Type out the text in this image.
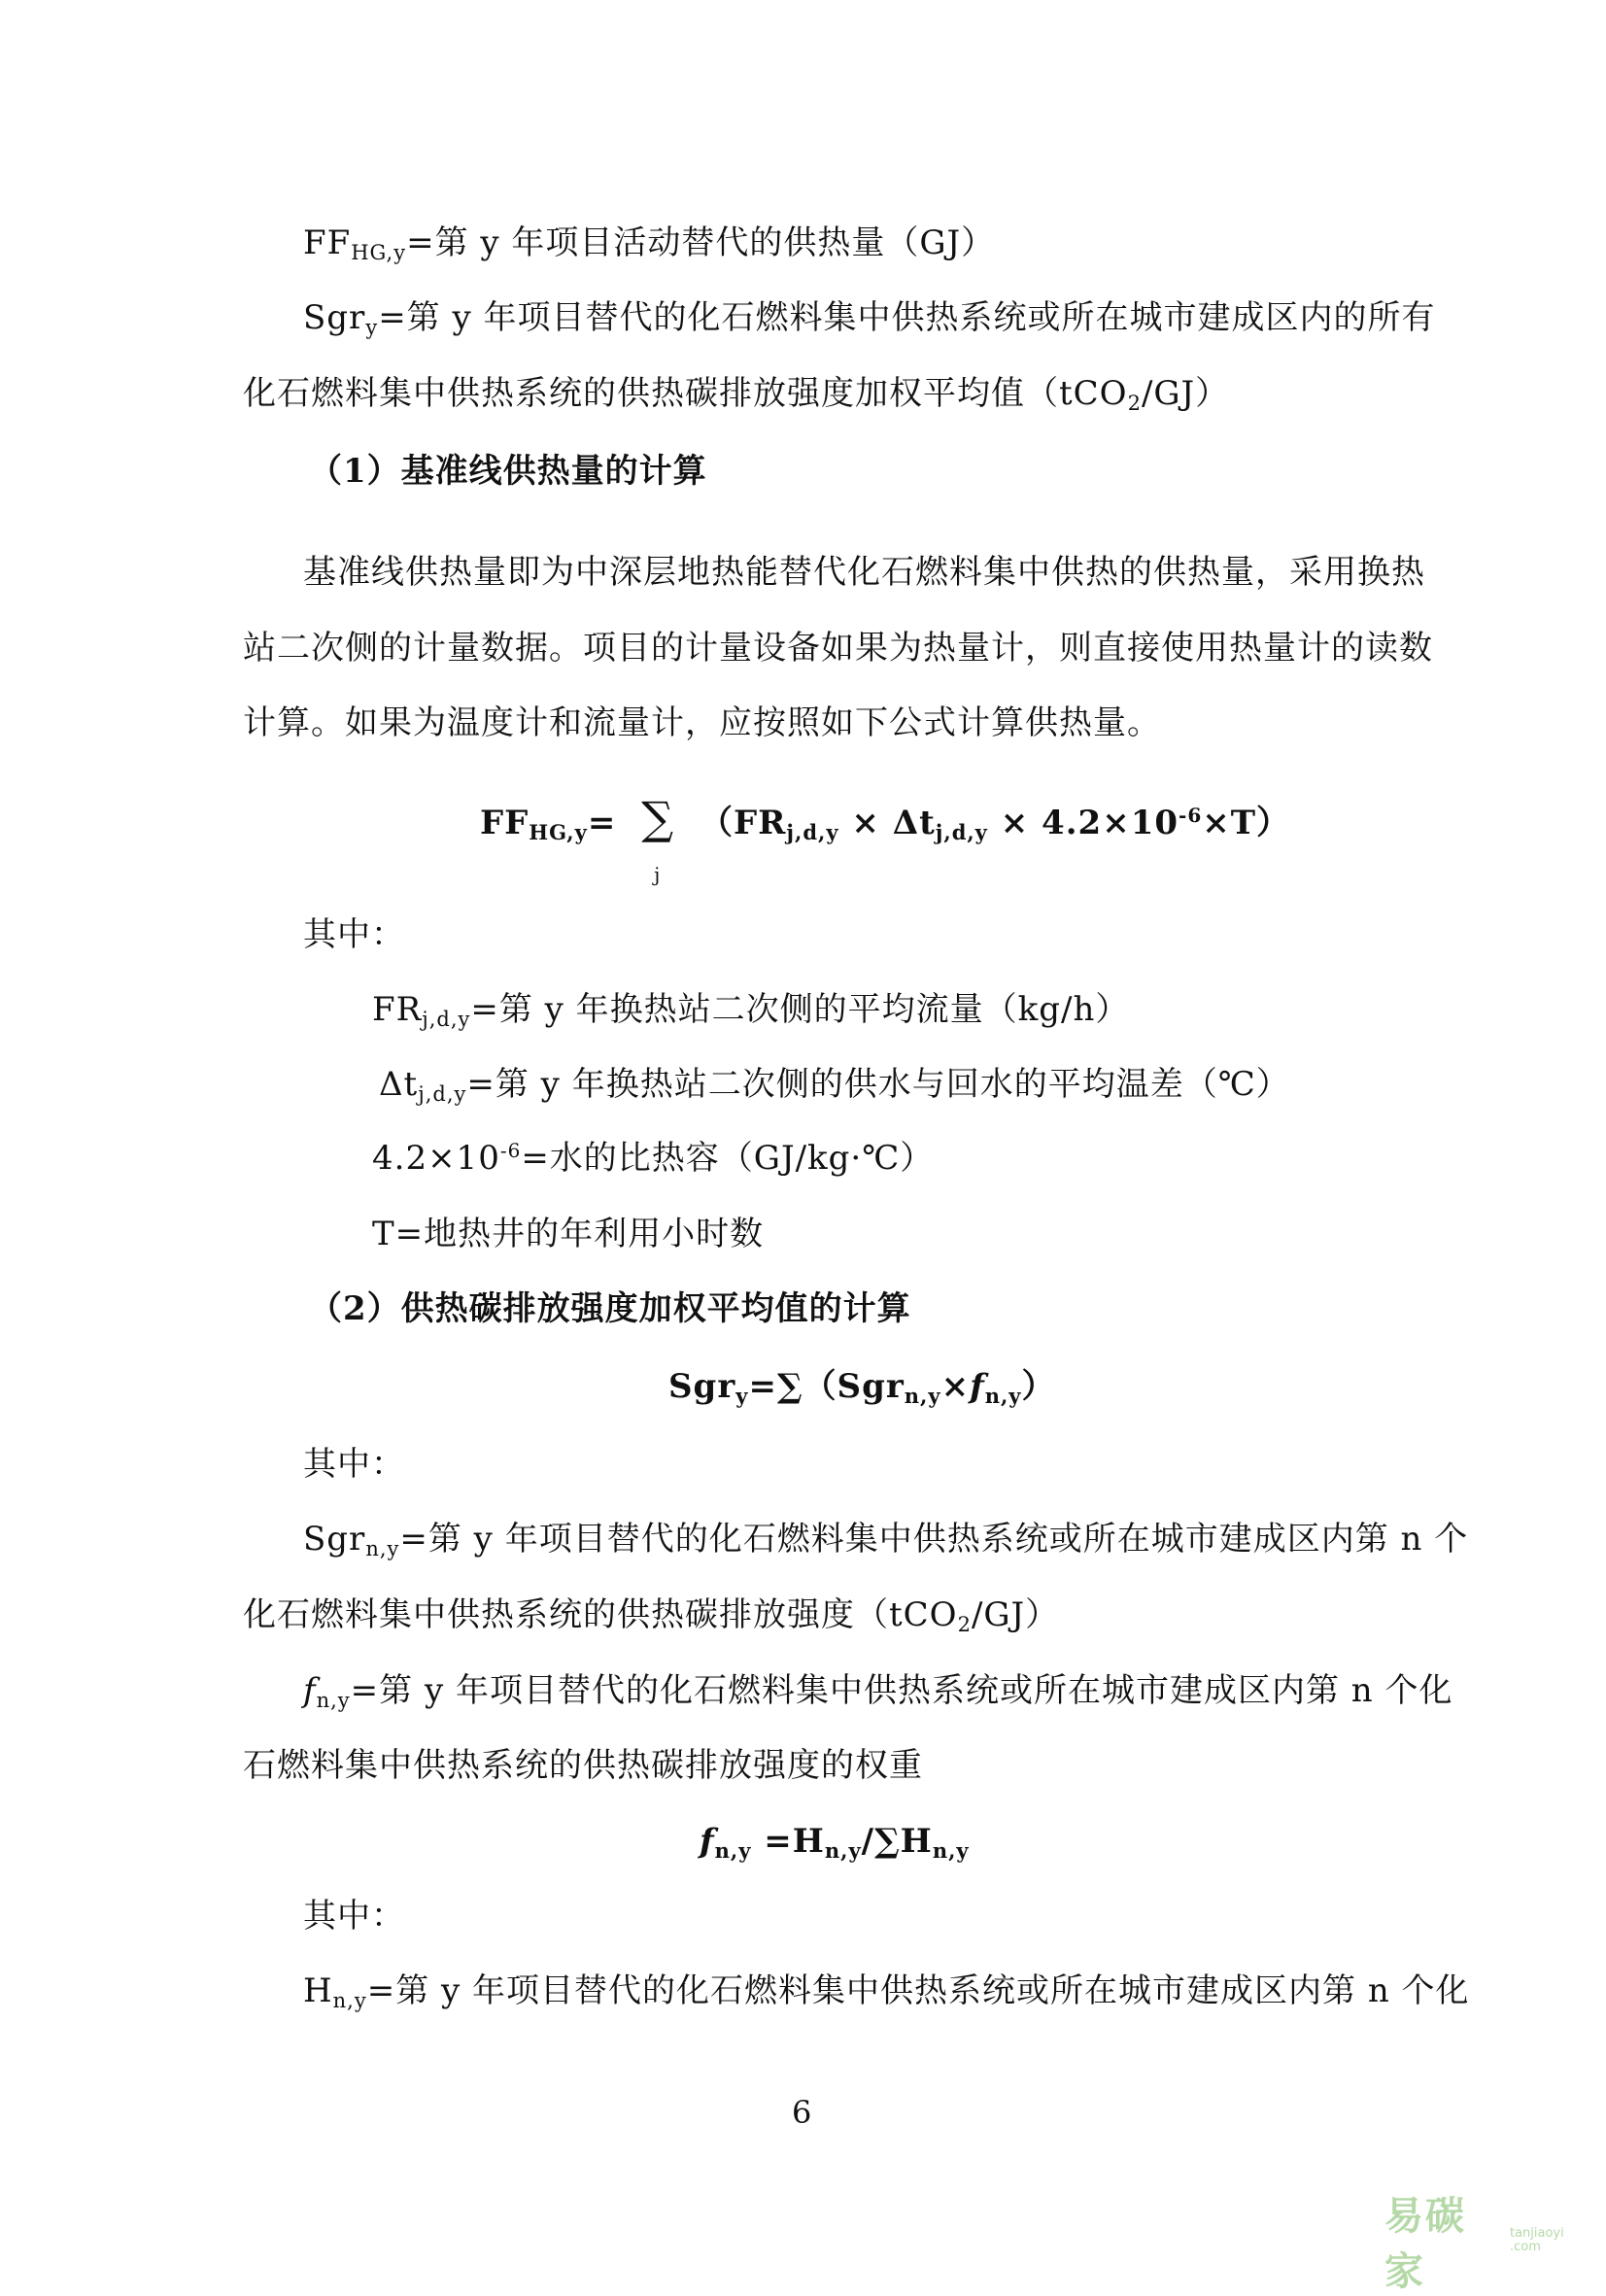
$FF_{HG,y}=$第 y 年项目活动替代的供热量（GJ）
Sgr$_y$=第 y 年项目替代的化石燃料集中供热系统或所在城市建成区内的所有
化石燃料集中供热系统的供热碳排放强度加权平均值（tCO$_2$/GJ）
（1）基准线供热量的计算
基准线供热量即为中深层地热能替代化石燃料集中供热的供热量，采用换热
站二次侧的计量数据。项目的计量设备如果为热量计，则直接使用热量计的读数
计算。如果为温度计和流量计，应按照如下公式计算供热量。
$FF_{HG,y}=$ ∑
j
$(FR_{j,d,y} \times \Delta t_{j,d,y} \times 4.2\times 10^{-6}\times T)$
其中：
$FR_{j,d,y}=$第 y 年换热站二次侧的平均流量（kg/h）
$\Delta t_{j,d,y}=$第 y 年换热站二次侧的供水与回水的平均温差（℃）
$4.2\times 10^{-6}=$水的比热容（GJ/kg·℃）
T=地热井的年利用小时数
（2）供热碳排放强度加权平均值的计算
$Sgr_y=\sum(Sgr_{n,y}\times f_{n,y})$
其中：
Sgr$_{n,y}$=第 y 年项目替代的化石燃料集中供热系统或所在城市建成区内第 n 个
化石燃料集中供热系统的供热碳排放强度（tCO$_2$/GJ）
$f_{n,y}=$第 y 年项目替代的化石燃料集中供热系统或所在城市建成区内第 n 个化
石燃料集中供热系统的供热碳排放强度的权重
$f_{n,y} =H_{n,y}/\sum H_{n,y}$
其中：
$H_{n,y}=$第 y 年项目替代的化石燃料集中供热系统或所在城市建成区内第 n 个化
6
易碳家
tanjiaoyi .com
